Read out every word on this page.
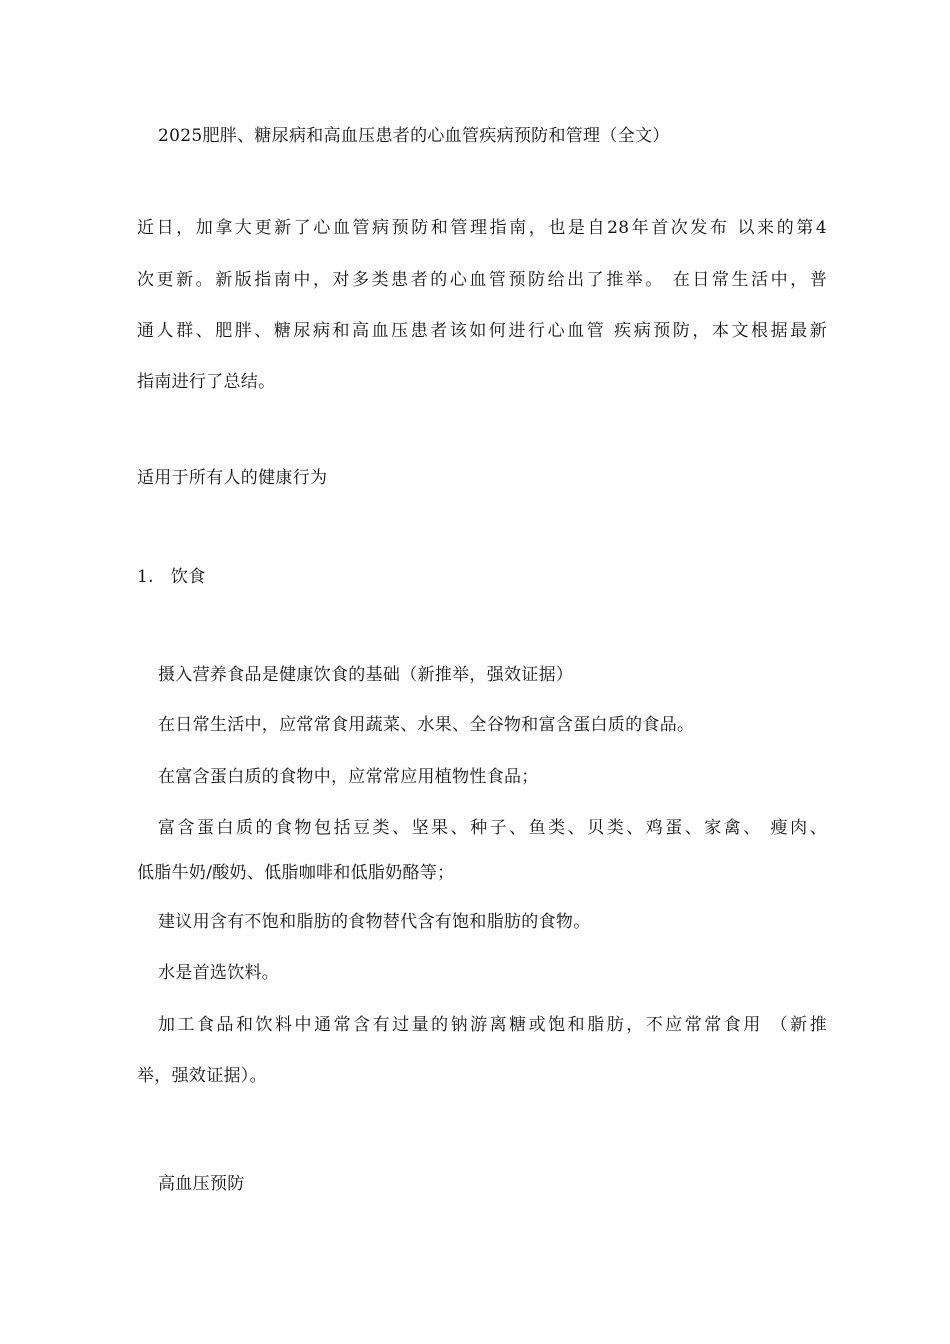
2025肥胖、糖尿病和高血压患者的心血管疾病预防和管理（全文）
近日，加拿大更新了心血管病预防和管理指南，也是自28年首次发布 以来的第4
次更新。新版指南中，对多类患者的心血管预防给出了推举。 在日常生活中，普
通人群、肥胖、糖尿病和高血压患者该如何进行心血管 疾病预防，本文根据最新
指南进行了总结。
适用于所有人的健康行为
1.   饮食
摄入营养食品是健康饮食的基础（新推举，强效证据）
在日常生活中，应常常食用蔬菜、水果、全谷物和富含蛋白质的食品。
在富含蛋白质的食物中，应常常应用植物性食品；
富含蛋白质的食物包括豆类、坚果、种子、鱼类、贝类、鸡蛋、家禽、 瘦肉、
低脂牛奶/酸奶、低脂咖啡和低脂奶酪等；
建议用含有不饱和脂肪的食物替代含有饱和脂肪的食物。
水是首选饮料。
加工食品和饮料中通常含有过量的钠游离糖或饱和脂肪，不应常常食用 （新推
举，强效证据）。
高血压预防
